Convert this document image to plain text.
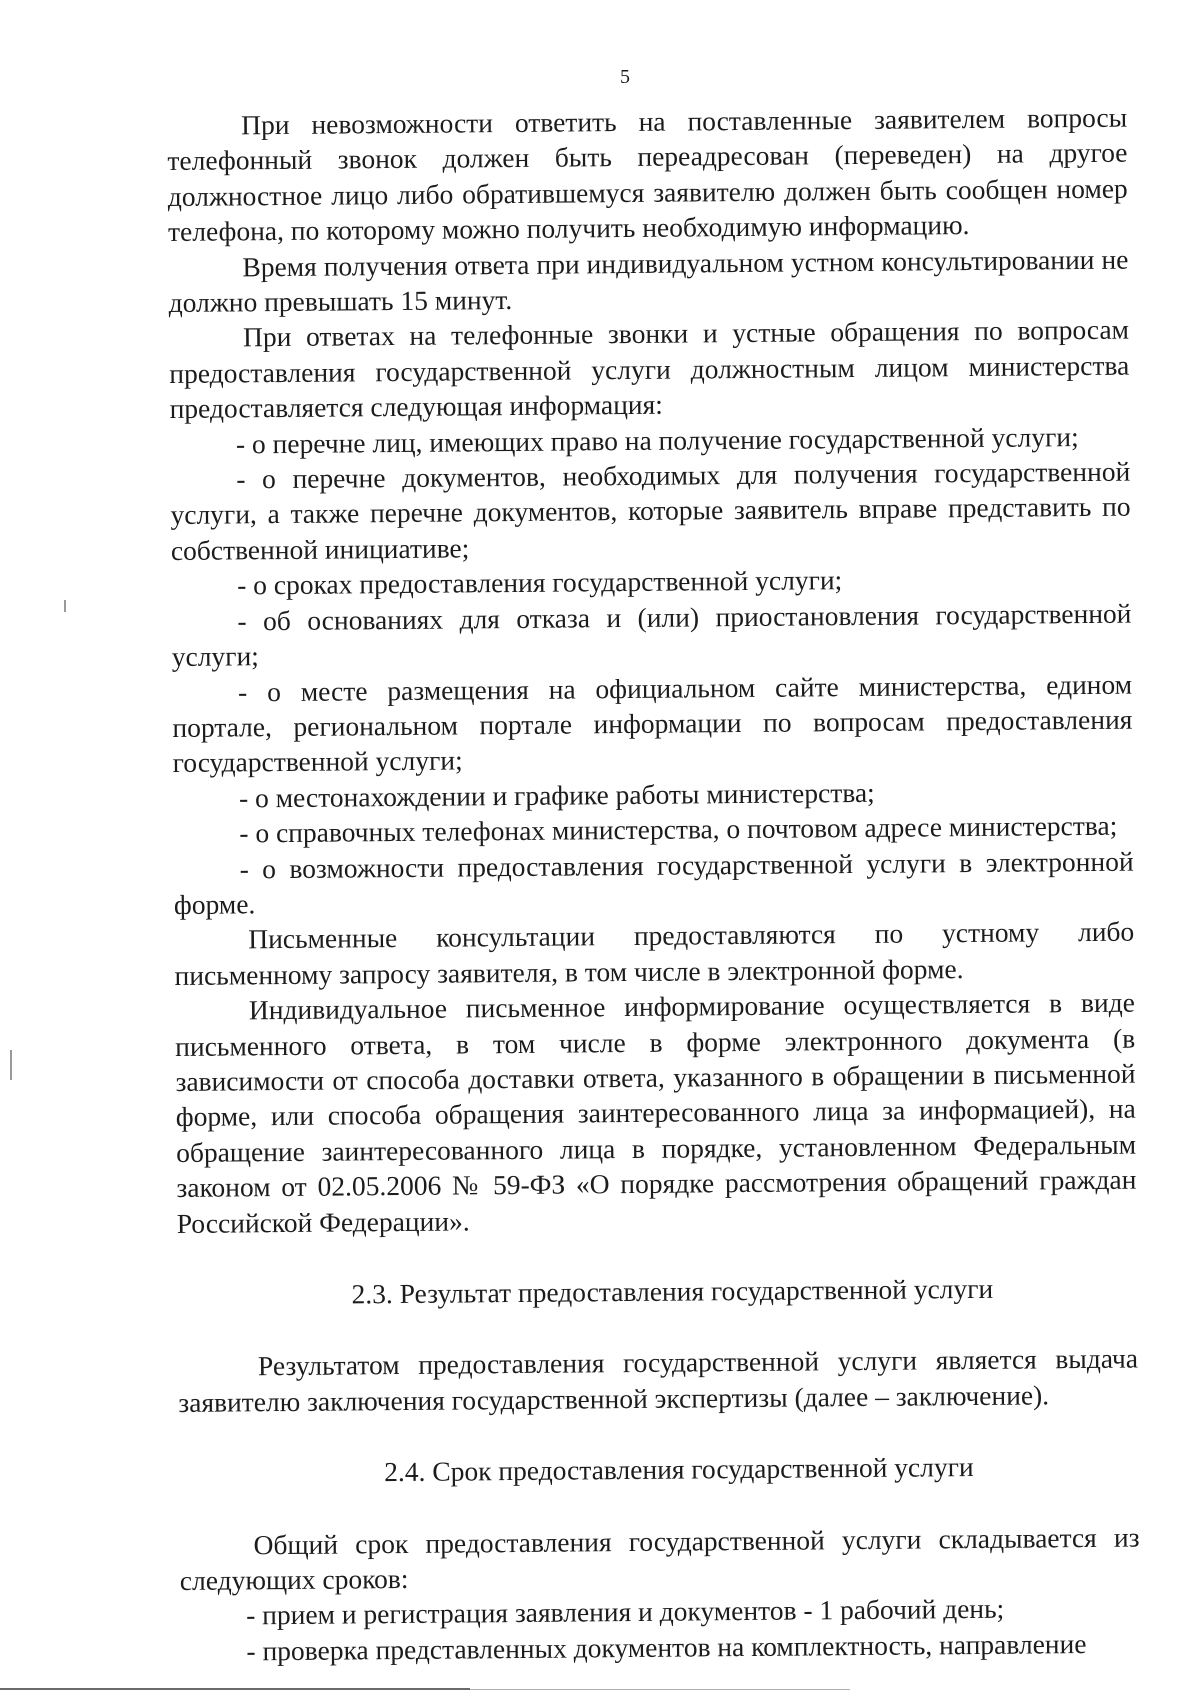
5

При невозможности ответить на поставленные заявителем вопросы телефонный звонок должен быть переадресован (переведен) на другое должностное лицо либо обратившемуся заявителю должен быть сообщен номер телефона, по которому можно получить необходимую информацию.

Время получения ответа при индивидуальном устном консультировании не должно превышать 15 минут.

При ответах на телефонные звонки и устные обращения по вопросам предоставления государственной услуги должностным лицом министерства предоставляется следующая информация:

- о перечне лиц, имеющих право на получение государственной услуги;

- о перечне документов, необходимых для получения государственной услуги, а также перечне документов, которые заявитель вправе представить по собственной инициативе;

- о сроках предоставления государственной услуги;

- об основаниях для отказа и (или) приостановления государственной услуги;

- о месте размещения на официальном сайте министерства, едином портале, региональном портале информации по вопросам предоставления государственной услуги;

- о местонахождении и графике работы министерства;

- о справочных телефонах министерства, о почтовом адресе министерства;

- о возможности предоставления государственной услуги в электронной форме.

Письменные консультации предоставляются по устному либо письменному запросу заявителя, в том числе в электронной форме.

Индивидуальное письменное информирование осуществляется в виде письменного ответа, в том числе в форме электронного документа (в зависимости от способа доставки ответа, указанного в обращении в письменной форме, или способа обращения заинтересованного лица за информацией), на обращение заинтересованного лица в порядке, установленном Федеральным законом от 02.05.2006 № 59-ФЗ «О порядке рассмотрения обращений граждан Российской Федерации».

2.3. Результат предоставления государственной услуги

Результатом предоставления государственной услуги является выдача заявителю заключения государственной экспертизы (далее – заключение).

2.4. Срок предоставления государственной услуги

Общий срок предоставления государственной услуги складывается из следующих сроков:

- прием и регистрация заявления и документов - 1 рабочий день;

- проверка представленных документов на комплектность, направление
